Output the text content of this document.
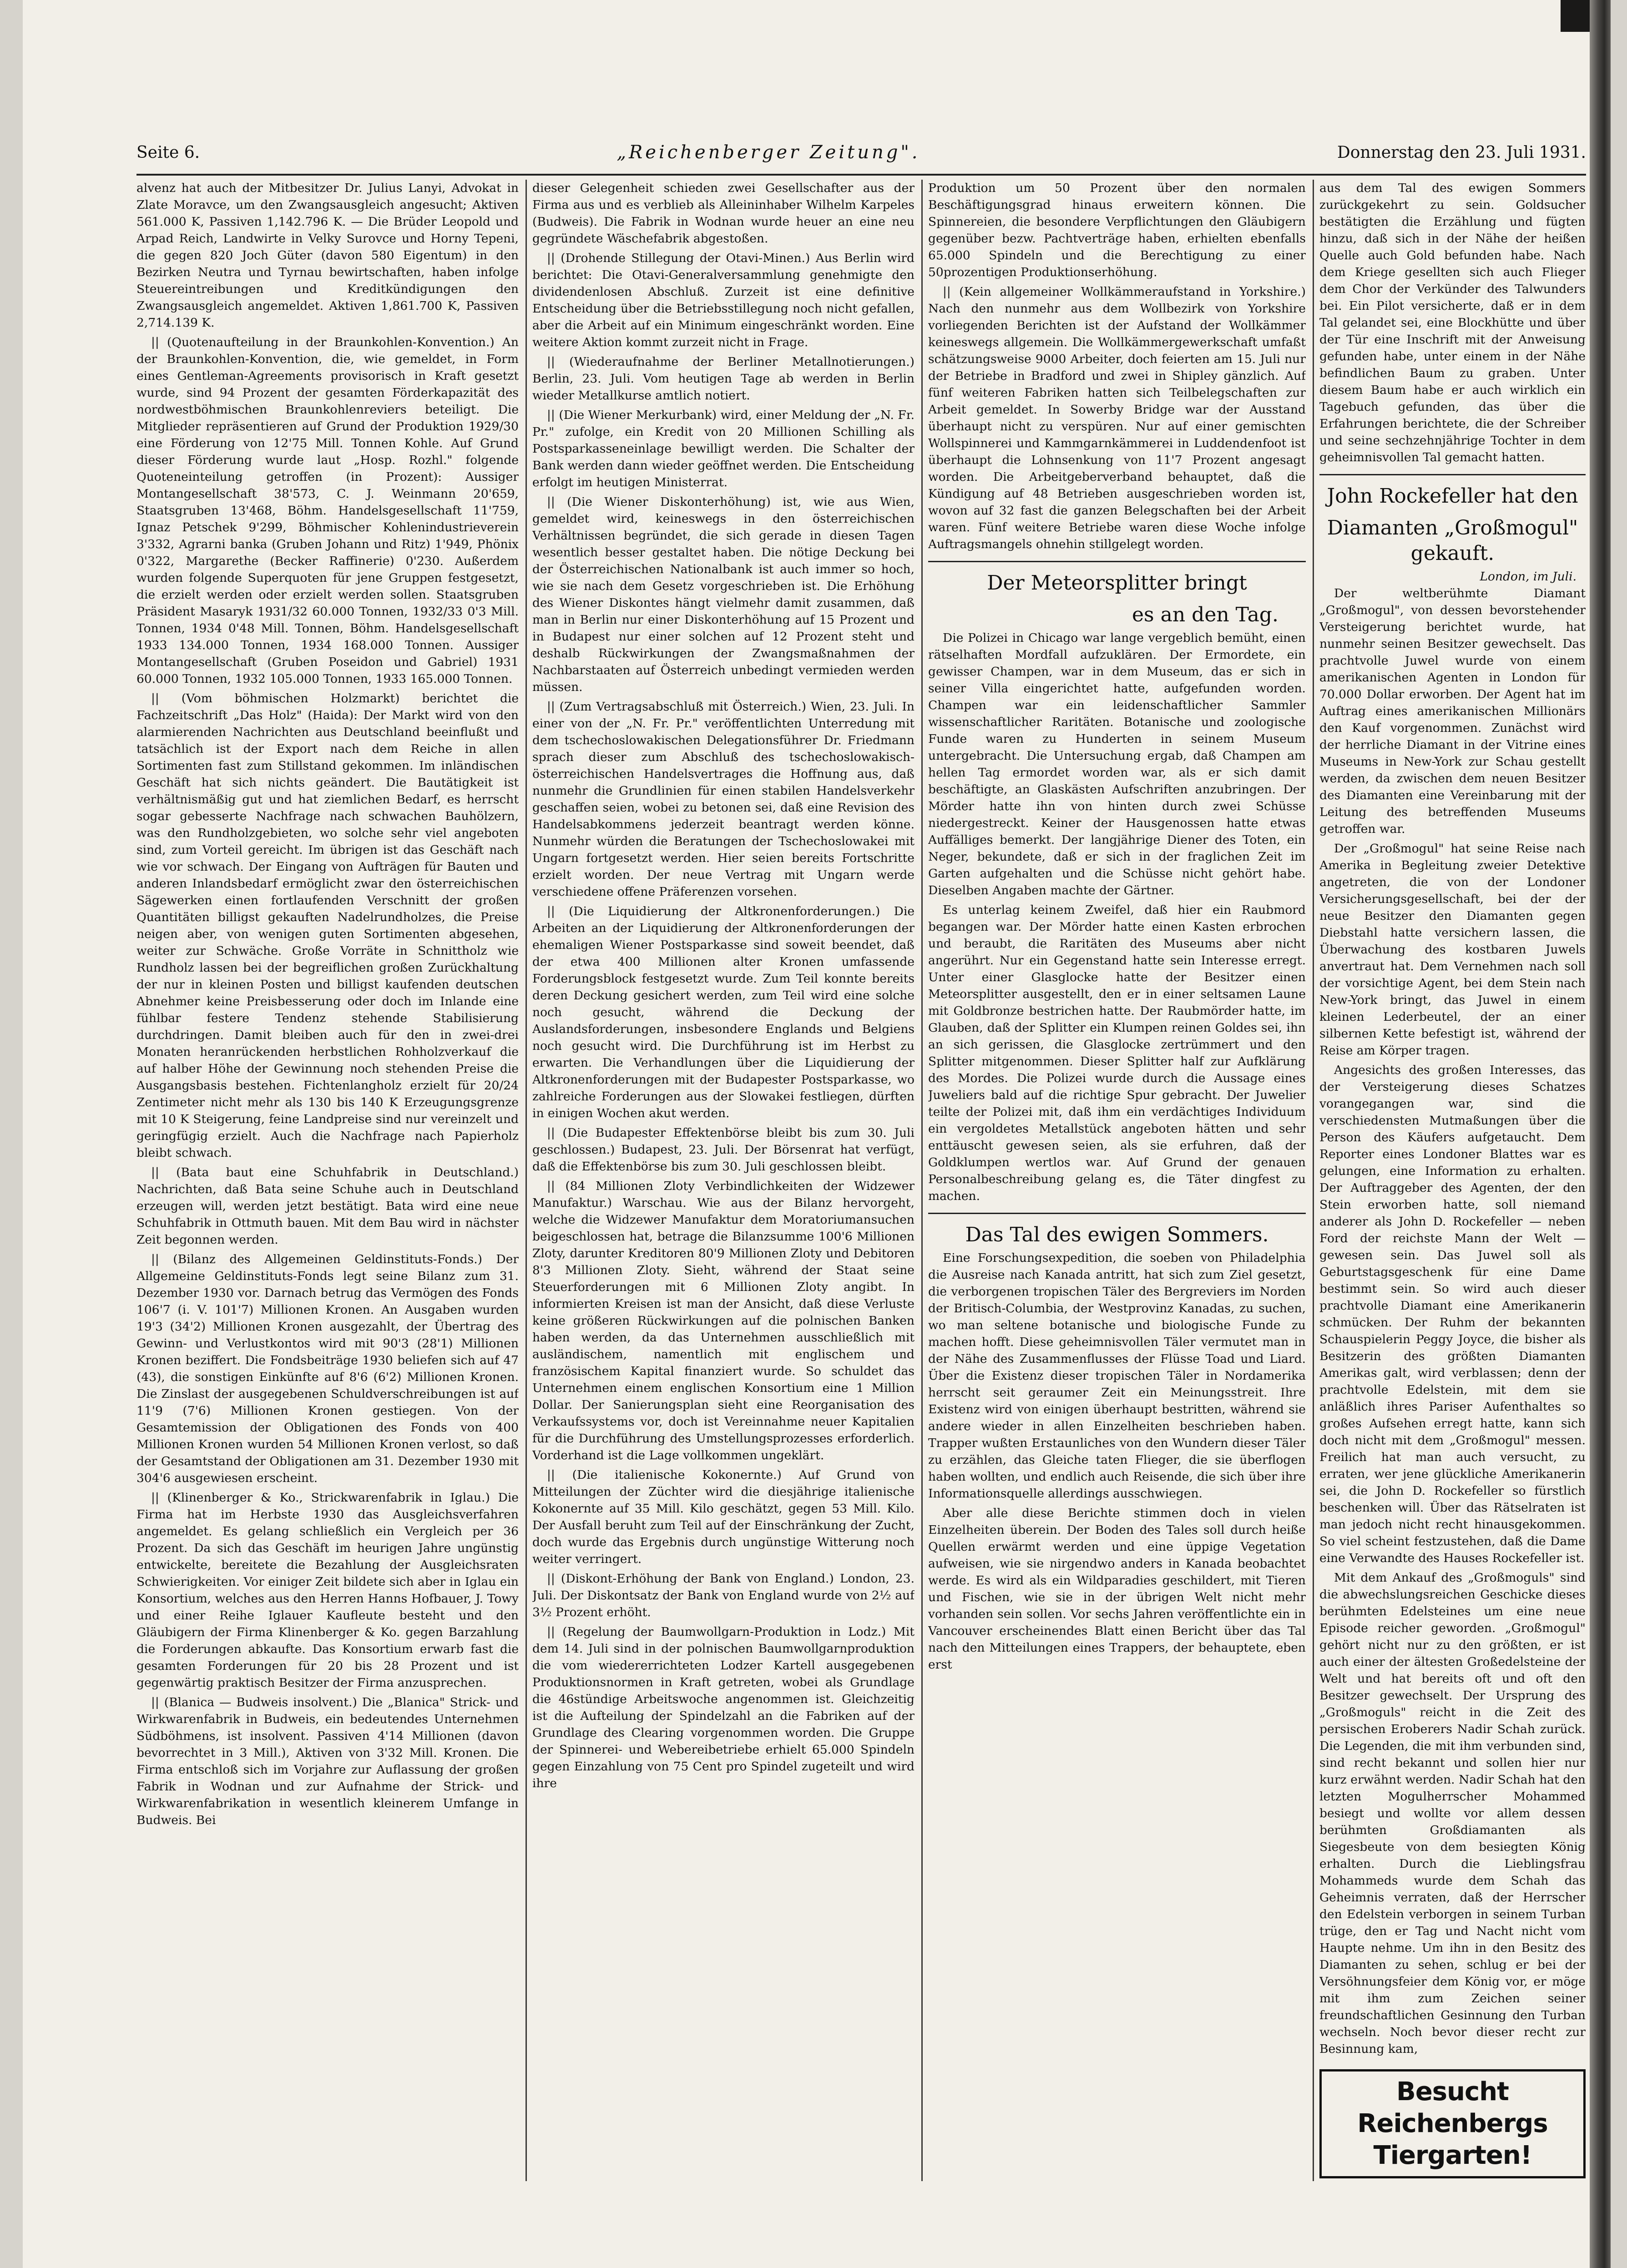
Seite 6.	„Reichenberger Zeitung".	Donnerstag den 23. Juli 1931.

alvenz hat auch der Mitbesitzer Dr. Julius Lanyi, Advokat in Zlate Moravce, um den Zwangsausgleich angesucht; Aktiven 561.000 K, Passiven 1,142.796 K. — Die Brüder Leopold und Arpad Reich, Landwirte in Velky Surovce und Horny Tepeni, die gegen 820 Joch Güter (davon 580 Eigentum) in den Bezirken Neutra und Tyrnau bewirtschaften, haben infolge Steuereintreibungen und Kreditkündigungen den Zwangsausgleich angemeldet. Aktiven 1,861.700 K, Passiven 2,714.139 K.

|| (Quotenaufteilung in der Braunkohlen-Konvention.) An der Braunkohlen-Konvention, die, wie gemeldet, in Form eines Gentleman-Agreements provisorisch in Kraft gesetzt wurde, sind 94 Prozent der gesamten Förderkapazität des nordwestböhmischen Braunkohlenreviers beteiligt. Die Mitglieder repräsentieren auf Grund der Produktion 1929/30 eine Förderung von 12'75 Mill. Tonnen Kohle. Auf Grund dieser Förderung wurde laut „Hosp. Rozhl." folgende Quoteneinteilung getroffen (in Prozent): Aussiger Montangesellschaft 38'573, C. J. Weinmann 20'659, Staatsgruben 13'468, Böhm. Handelsgesellschaft 11'759, Ignaz Petschek 9'299, Böhmischer Kohlenindustrieverein 3'332, Agrarni banka (Gruben Johann und Ritz) 1'949, Phönix 0'322, Margarethe (Becker Raffinerie) 0'230. Außerdem wurden folgende Superquoten für jene Gruppen festgesetzt, die erzielt werden oder erzielt werden sollen. Staatsgruben Präsident Masaryk 1931/32 60.000 Tonnen, 1932/33 0'3 Mill. Tonnen, 1934 0'48 Mill. Tonnen, Böhm. Handelsgesellschaft 1933 134.000 Tonnen, 1934 168.000 Tonnen. Aussiger Montangesellschaft (Gruben Poseidon und Gabriel) 1931 60.000 Tonnen, 1932 105.000 Tonnen, 1933 165.000 Tonnen.

|| (Vom böhmischen Holzmarkt) berichtet die Fachzeitschrift „Das Holz" (Haida): Der Markt wird von den alarmierenden Nachrichten aus Deutschland beeinflußt und tatsächlich ist der Export nach dem Reiche in allen Sortimenten fast zum Stillstand gekommen. Im inländischen Geschäft hat sich nichts geändert. Die Bautätigkeit ist verhältnismäßig gut und hat ziemlichen Bedarf, es herrscht sogar gebesserte Nachfrage nach schwachen Bauhölzern, was den Rundholzgebieten, wo solche sehr viel angeboten sind, zum Vorteil gereicht. Im übrigen ist das Geschäft nach wie vor schwach. Der Eingang von Aufträgen für Bauten und anderen Inlandsbedarf ermöglicht zwar den österreichischen Sägewerken einen fortlaufenden Verschnitt der großen Quantitäten billigst gekauften Nadelrundholzes, die Preise neigen aber, von wenigen guten Sortimenten abgesehen, weiter zur Schwäche. Große Vorräte in Schnittholz wie Rundholz lassen bei der begreiflichen großen Zurückhaltung der nur in kleinen Posten und billigst kaufenden deutschen Abnehmer keine Preisbesserung oder doch im Inlande eine fühlbar festere Tendenz stehende Stabilisierung durchdringen. Damit bleiben auch für den in zwei-drei Monaten heranrückenden herbstlichen Rohholzverkauf die auf halber Höhe der Gewinnung noch stehenden Preise die Ausgangsbasis bestehen. Fichtenlangholz erzielt für 20/24 Zentimeter nicht mehr als 130 bis 140 K Erzeugungsgrenze mit 10 K Steigerung, feine Landpreise sind nur vereinzelt und geringfügig erzielt. Auch die Nachfrage nach Papierholz bleibt schwach.

|| (Bata baut eine Schuhfabrik in Deutschland.) Nachrichten, daß Bata seine Schuhe auch in Deutschland erzeugen will, werden jetzt bestätigt. Bata wird eine neue Schuhfabrik in Ottmuth bauen. Mit dem Bau wird in nächster Zeit begonnen werden.

|| (Bilanz des Allgemeinen Geldinstituts-Fonds.) Der Allgemeine Geldinstituts-Fonds legt seine Bilanz zum 31. Dezember 1930 vor. Darnach betrug das Vermögen des Fonds 106'7 (i. V. 101'7) Millionen Kronen. An Ausgaben wurden 19'3 (34'2) Millionen Kronen ausgezahlt, der Übertrag des Gewinn- und Verlustkontos wird mit 90'3 (28'1) Millionen Kronen beziffert. Die Fondsbeiträge 1930 beliefen sich auf 47 (43), die sonstigen Einkünfte auf 8'6 (6'2) Millionen Kronen. Die Zinslast der ausgegebenen Schuldverschreibungen ist auf 11'9 (7'6) Millionen Kronen gestiegen. Von der Gesamtemission der Obligationen des Fonds von 400 Millionen Kronen wurden 54 Millionen Kronen verlost, so daß der Gesamtstand der Obligationen am 31. Dezember 1930 mit 304'6 ausgewiesen erscheint.

|| (Klinenberger & Ko., Strickwarenfabrik in Iglau.) Die Firma hat im Herbste 1930 das Ausgleichsverfahren angemeldet. Es gelang schließlich ein Vergleich per 36 Prozent. Da sich das Geschäft im heurigen Jahre ungünstig entwickelte, bereitete die Bezahlung der Ausgleichsraten Schwierigkeiten. Vor einiger Zeit bildete sich aber in Iglau ein Konsortium, welches aus den Herren Hanns Hofbauer, J. Towy und einer Reihe Iglauer Kaufleute besteht und den Gläubigern der Firma Klinenberger & Ko. gegen Barzahlung die Forderungen abkaufte. Das Konsortium erwarb fast die gesamten Forderungen für 20 bis 28 Prozent und ist gegenwärtig praktisch Besitzer der Firma anzusprechen.

|| (Blanica — Budweis insolvent.) Die „Blanica" Strick- und Wirkwarenfabrik in Budweis, ein bedeutendes Unternehmen Südböhmens, ist insolvent. Passiven 4'14 Millionen (davon bevorrechtet in 3 Mill.), Aktiven von 3'32 Mill. Kronen. Die Firma entschloß sich im Vorjahre zur Auflassung der großen Fabrik in Wodnan und zur Aufnahme der Strick- und Wirkwarenfabrikation in wesentlich kleinerem Umfange in Budweis. Bei

dieser Gelegenheit schieden zwei Gesellschafter aus der Firma aus und es verblieb als Alleininhaber Wilhelm Karpeles (Budweis). Die Fabrik in Wodnan wurde heuer an eine neu gegründete Wäschefabrik abgestoßen.

|| (Drohende Stillegung der Otavi-Minen.) Aus Berlin wird berichtet: Die Otavi-Generalversammlung genehmigte den dividendenlosen Abschluß. Zurzeit ist eine definitive Entscheidung über die Betriebsstillegung noch nicht gefallen, aber die Arbeit auf ein Minimum eingeschränkt worden. Eine weitere Aktion kommt zurzeit nicht in Frage.

|| (Wiederaufnahme der Berliner Metallnotierungen.) Berlin, 23. Juli. Vom heutigen Tage ab werden in Berlin wieder Metallkurse amtlich notiert.

|| (Die Wiener Merkurbank) wird, einer Meldung der „N. Fr. Pr." zufolge, ein Kredit von 20 Millionen Schilling als Postsparkasseneinlage bewilligt werden. Die Schalter der Bank werden dann wieder geöffnet werden. Die Entscheidung erfolgt im heutigen Ministerrat.

|| (Die Wiener Diskonterhöhung) ist, wie aus Wien, gemeldet wird, keineswegs in den österreichischen Verhältnissen begründet, die sich gerade in diesen Tagen wesentlich besser gestaltet haben. Die nötige Deckung bei der Österreichischen Nationalbank ist auch immer so hoch, wie sie nach dem Gesetz vorgeschrieben ist. Die Erhöhung des Wiener Diskontes hängt vielmehr damit zusammen, daß man in Berlin nur einer Diskonterhöhung auf 15 Prozent und in Budapest nur einer solchen auf 12 Prozent steht und deshalb Rückwirkungen der Zwangsmaßnahmen der Nachbarstaaten auf Österreich unbedingt vermieden werden müssen.

|| (Zum Vertragsabschluß mit Österreich.) Wien, 23. Juli. In einer von der „N. Fr. Pr." veröffentlichten Unterredung mit dem tschechoslowakischen Delegationsführer Dr. Friedmann sprach dieser zum Abschluß des tschechoslowakisch-österreichischen Handelsvertrages die Hoffnung aus, daß nunmehr die Grundlinien für einen stabilen Handelsverkehr geschaffen seien, wobei zu betonen sei, daß eine Revision des Handelsabkommens jederzeit beantragt werden könne. Nunmehr würden die Beratungen der Tschechoslowakei mit Ungarn fortgesetzt werden. Hier seien bereits Fortschritte erzielt worden. Der neue Vertrag mit Ungarn werde verschiedene offene Präferenzen vorsehen.

|| (Die Liquidierung der Altkronenforderungen.) Die Arbeiten an der Liquidierung der Altkronenforderungen der ehemaligen Wiener Postsparkasse sind soweit beendet, daß der etwa 400 Millionen alter Kronen umfassende Forderungsblock festgesetzt wurde. Zum Teil konnte bereits deren Deckung gesichert werden, zum Teil wird eine solche noch gesucht, während die Deckung der Auslandsforderungen, insbesondere Englands und Belgiens noch gesucht wird. Die Durchführung ist im Herbst zu erwarten. Die Verhandlungen über die Liquidierung der Altkronenforderungen mit der Budapester Postsparkasse, wo zahlreiche Forderungen aus der Slowakei festliegen, dürften in einigen Wochen akut werden.

|| (Die Budapester Effektenbörse bleibt bis zum 30. Juli geschlossen.) Budapest, 23. Juli. Der Börsenrat hat verfügt, daß die Effektenbörse bis zum 30. Juli geschlossen bleibt.

|| (84 Millionen Zloty Verbindlichkeiten der Widzewer Manufaktur.) Warschau. Wie aus der Bilanz hervorgeht, welche die Widzewer Manufaktur dem Moratoriumansuchen beigeschlossen hat, betrage die Bilanzsumme 100'6 Millionen Zloty, darunter Kreditoren 80'9 Millionen Zloty und Debitoren 8'3 Millionen Zloty. Sieht, während der Staat seine Steuerforderungen mit 6 Millionen Zloty angibt. In informierten Kreisen ist man der Ansicht, daß diese Verluste keine größeren Rückwirkungen auf die polnischen Banken haben werden, da das Unternehmen ausschließlich mit ausländischem, namentlich mit englischem und französischem Kapital finanziert wurde. So schuldet das Unternehmen einem englischen Konsortium eine 1 Million Dollar. Der Sanierungsplan sieht eine Reorganisation des Verkaufssystems vor, doch ist Vereinnahme neuer Kapitalien für die Durchführung des Umstellungsprozesses erforderlich. Vorderhand ist die Lage vollkommen ungeklärt.

|| (Die italienische Kokonernte.) Auf Grund von Mitteilungen der Züchter wird die diesjährige italienische Kokonernte auf 35 Mill. Kilo geschätzt, gegen 53 Mill. Kilo. Der Ausfall beruht zum Teil auf der Einschränkung der Zucht, doch wurde das Ergebnis durch ungünstige Witterung noch weiter verringert.

|| (Diskont-Erhöhung der Bank von England.) London, 23. Juli. Der Diskontsatz der Bank von England wurde von 2½ auf 3½ Prozent erhöht.

|| (Regelung der Baumwollgarn-Produktion in Lodz.) Mit dem 14. Juli sind in der polnischen Baumwollgarnproduktion die vom wiedererrichteten Lodzer Kartell ausgegebenen Produktionsnormen in Kraft getreten, wobei als Grundlage die 46stündige Arbeitswoche angenommen ist. Gleichzeitig ist die Aufteilung der Spindelzahl an die Fabriken auf der Grundlage des Clearing vorgenommen worden. Die Gruppe der Spinnerei- und Webereibetriebe erhielt 65.000 Spindeln gegen Einzahlung von 75 Cent pro Spindel zugeteilt und wird ihre

Produktion um 50 Prozent über den normalen Beschäftigungsgrad hinaus erweitern können. Die Spinnereien, die besondere Verpflichtungen den Gläubigern gegenüber bezw. Pachtverträge haben, erhielten ebenfalls 65.000 Spindeln und die Berechtigung zu einer 50prozentigen Produktionserhöhung.

|| (Kein allgemeiner Wollkämmeraufstand in Yorkshire.) Nach den nunmehr aus dem Wollbezirk von Yorkshire vorliegenden Berichten ist der Aufstand der Wollkämmer keineswegs allgemein. Die Wollkämmergewerkschaft umfaßt schätzungsweise 9000 Arbeiter, doch feierten am 15. Juli nur der Betriebe in Bradford und zwei in Shipley gänzlich. Auf fünf weiteren Fabriken hatten sich Teilbelegschaften zur Arbeit gemeldet. In Sowerby Bridge war der Ausstand überhaupt nicht zu verspüren. Nur auf einer gemischten Wollspinnerei und Kammgarnkämmerei in Luddendenfoot ist überhaupt die Lohnsenkung von 11'7 Prozent angesagt worden. Die Arbeitgeberverband behauptet, daß die Kündigung auf 48 Betrieben ausgeschrieben worden ist, wovon auf 32 fast die ganzen Belegschaften bei der Arbeit waren. Fünf weitere Betriebe waren diese Woche infolge Auftragsmangels ohnehin stillgelegt worden.

Der Meteorsplitter bringt
es an den Tag.

Die Polizei in Chicago war lange vergeblich bemüht, einen rätselhaften Mordfall aufzuklären. Der Ermordete, ein gewisser Champen, war in dem Museum, das er sich in seiner Villa eingerichtet hatte, aufgefunden worden. Champen war ein leidenschaftlicher Sammler wissenschaftlicher Raritäten. Botanische und zoologische Funde waren zu Hunderten in seinem Museum untergebracht. Die Untersuchung ergab, daß Champen am hellen Tag ermordet worden war, als er sich damit beschäftigte, an Glaskästen Aufschriften anzubringen. Der Mörder hatte ihn von hinten durch zwei Schüsse niedergestreckt. Keiner der Hausgenossen hatte etwas Auffälliges bemerkt. Der langjährige Diener des Toten, ein Neger, bekundete, daß er sich in der fraglichen Zeit im Garten aufgehalten und die Schüsse nicht gehört habe. Dieselben Angaben machte der Gärtner.

Es unterlag keinem Zweifel, daß hier ein Raubmord begangen war. Der Mörder hatte einen Kasten erbrochen und beraubt, die Raritäten des Museums aber nicht angerührt. Nur ein Gegenstand hatte sein Interesse erregt. Unter einer Glasglocke hatte der Besitzer einen Meteorsplitter ausgestellt, den er in einer seltsamen Laune mit Goldbronze bestrichen hatte. Der Raubmörder hatte, im Glauben, daß der Splitter ein Klumpen reinen Goldes sei, ihn an sich gerissen, die Glasglocke zertrümmert und den Splitter mitgenommen. Dieser Splitter half zur Aufklärung des Mordes. Die Polizei wurde durch die Aussage eines Juweliers bald auf die richtige Spur gebracht. Der Juwelier teilte der Polizei mit, daß ihm ein verdächtiges Individuum ein vergoldetes Metallstück angeboten hätten und sehr enttäuscht gewesen seien, als sie erfuhren, daß der Goldklumpen wertlos war. Auf Grund der genauen Personalbeschreibung gelang es, die Täter dingfest zu machen.

Das Tal des ewigen Sommers.

Eine Forschungsexpedition, die soeben von Philadelphia die Ausreise nach Kanada antritt, hat sich zum Ziel gesetzt, die verborgenen tropischen Täler des Bergreviers im Norden der Britisch-Columbia, der Westprovinz Kanadas, zu suchen, wo man seltene botanische und biologische Funde zu machen hofft. Diese geheimnisvollen Täler vermutet man in der Nähe des Zusammenflusses der Flüsse Toad und Liard. Über die Existenz dieser tropischen Täler in Nordamerika herrscht seit geraumer Zeit ein Meinungsstreit. Ihre Existenz wird von einigen überhaupt bestritten, während sie andere wieder in allen Einzelheiten beschrieben haben. Trapper wußten Erstaunliches von den Wundern dieser Täler zu erzählen, das Gleiche taten Flieger, die sie überflogen haben wollten, und endlich auch Reisende, die sich über ihre Informationsquelle allerdings ausschwiegen.

Aber alle diese Berichte stimmen doch in vielen Einzelheiten überein. Der Boden des Tales soll durch heiße Quellen erwärmt werden und eine üppige Vegetation aufweisen, wie sie nirgendwo anders in Kanada beobachtet werde. Es wird als ein Wildparadies geschildert, mit Tieren und Fischen, wie sie in der übrigen Welt nicht mehr vorhanden sein sollen. Vor sechs Jahren veröffentlichte ein in Vancouver erscheinendes Blatt einen Bericht über das Tal nach den Mitteilungen eines Trappers, der behauptete, eben erst

aus dem Tal des ewigen Sommers zurückgekehrt zu sein. Goldsucher bestätigten die Erzählung und fügten hinzu, daß sich in der Nähe der heißen Quelle auch Gold befunden habe. Nach dem Kriege gesellten sich auch Flieger dem Chor der Verkünder des Talwunders bei. Ein Pilot versicherte, daß er in dem Tal gelandet sei, eine Blockhütte und über der Tür eine Inschrift mit der Anweisung gefunden habe, unter einem in der Nähe befindlichen Baum zu graben. Unter diesem Baum habe er auch wirklich ein Tagebuch gefunden, das über die Erfahrungen berichtete, die der Schreiber und seine sechzehnjährige Tochter in dem geheimnisvollen Tal gemacht hatten.

John Rockefeller hat den
Diamanten „Großmogul" gekauft.
London, im Juli.

Der weltberühmte Diamant „Großmogul", von dessen bevorstehender Versteigerung berichtet wurde, hat nunmehr seinen Besitzer gewechselt. Das prachtvolle Juwel wurde von einem amerikanischen Agenten in London für 70.000 Dollar erworben. Der Agent hat im Auftrag eines amerikanischen Millionärs den Kauf vorgenommen. Zunächst wird der herrliche Diamant in der Vitrine eines Museums in New-York zur Schau gestellt werden, da zwischen dem neuen Besitzer des Diamanten eine Vereinbarung mit der Leitung des betreffenden Museums getroffen war.

Der „Großmogul" hat seine Reise nach Amerika in Begleitung zweier Detektive angetreten, die von der Londoner Versicherungsgesellschaft, bei der der neue Besitzer den Diamanten gegen Diebstahl hatte versichern lassen, die Überwachung des kostbaren Juwels anvertraut hat. Dem Vernehmen nach soll der vorsichtige Agent, bei dem Stein nach New-York bringt, das Juwel in einem kleinen Lederbeutel, der an einer silbernen Kette befestigt ist, während der Reise am Körper tragen.

Angesichts des großen Interesses, das der Versteigerung dieses Schatzes vorangegangen war, sind die verschiedensten Mutmaßungen über die Person des Käufers aufgetaucht. Dem Reporter eines Londoner Blattes war es gelungen, eine Information zu erhalten. Der Auftraggeber des Agenten, der den Stein erworben hatte, soll niemand anderer als John D. Rockefeller — neben Ford der reichste Mann der Welt — gewesen sein. Das Juwel soll als Geburtstagsgeschenk für eine Dame bestimmt sein. So wird auch dieser prachtvolle Diamant eine Amerikanerin schmücken. Der Ruhm der bekannten Schauspielerin Peggy Joyce, die bisher als Besitzerin des größten Diamanten Amerikas galt, wird verblassen; denn der prachtvolle Edelstein, mit dem sie anläßlich ihres Pariser Aufenthaltes so großes Aufsehen erregt hatte, kann sich doch nicht mit dem „Großmogul" messen. Freilich hat man auch versucht, zu erraten, wer jene glückliche Amerikanerin sei, die John D. Rockefeller so fürstlich beschenken will. Über das Rätselraten ist man jedoch nicht recht hinausgekommen. So viel scheint festzustehen, daß die Dame eine Verwandte des Hauses Rockefeller ist.

Mit dem Ankauf des „Großmoguls" sind die abwechslungsreichen Geschicke dieses berühmten Edelsteines um eine neue Episode reicher geworden. „Großmogul" gehört nicht nur zu den größten, er ist auch einer der ältesten Großedelsteine der Welt und hat bereits oft und oft den Besitzer gewechselt. Der Ursprung des „Großmoguls" reicht in die Zeit des persischen Eroberers Nadir Schah zurück. Die Legenden, die mit ihm verbunden sind, sind recht bekannt und sollen hier nur kurz erwähnt werden. Nadir Schah hat den letzten Mogulherrscher Mohammed besiegt und wollte vor allem dessen berühmten Großdiamanten als Siegesbeute von dem besiegten König erhalten. Durch die Lieblingsfrau Mohammeds wurde dem Schah das Geheimnis verraten, daß der Herrscher den Edelstein verborgen in seinem Turban trüge, den er Tag und Nacht nicht vom Haupte nehme. Um ihn in den Besitz des Diamanten zu sehen, schlug er bei der Versöhnungsfeier dem König vor, er möge mit ihm zum Zeichen seiner freundschaftlichen Gesinnung den Turban wechseln. Noch bevor dieser recht zur Besinnung kam,

Besucht Reichenbergs Tiergarten!
